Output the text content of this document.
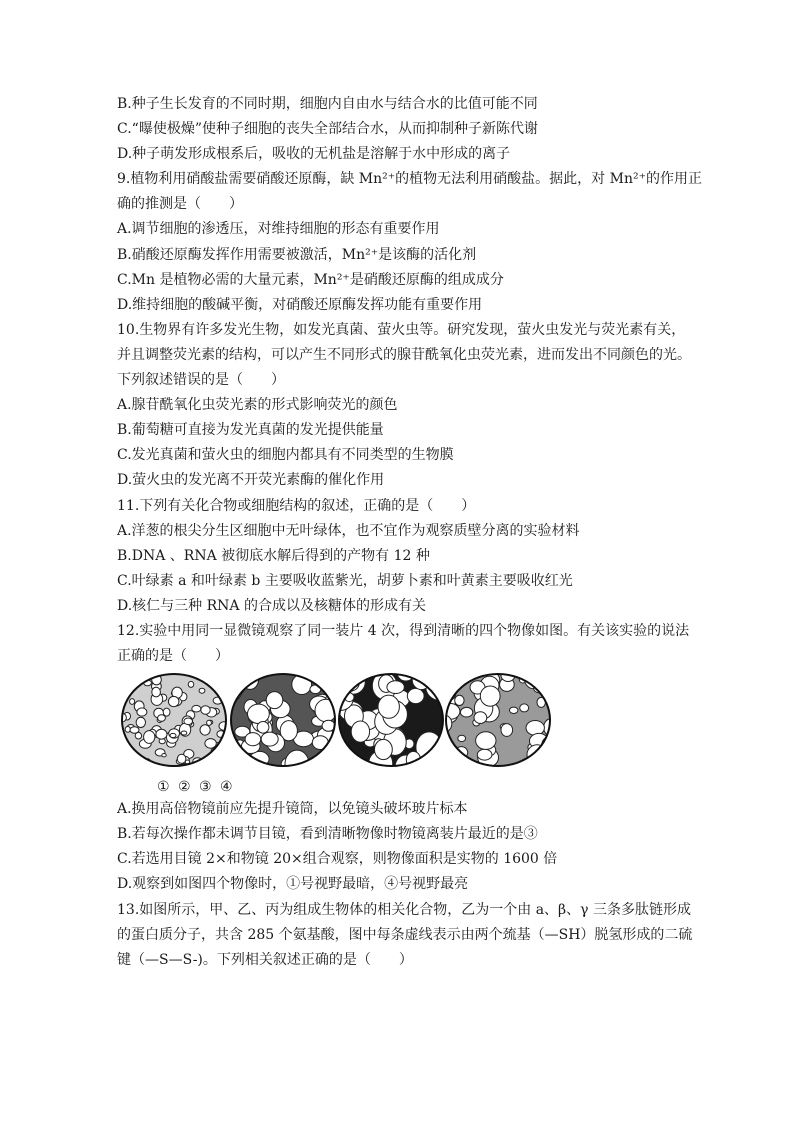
B.种子生长发育的不同时期，细胞内自由水与结合水的比值可能不同
C.“曝使极燥”使种子细胞的丧失全部结合水，从而抑制种子新陈代谢
D.种子萌发形成根系后，吸收的无机盐是溶解于水中形成的离子
9.植物利用硝酸盐需要硝酸还原酶，缺 Mn²⁺的植物无法利用硝酸盐。据此，对 Mn²⁺的作用正
确的推测是（　　）
A.调节细胞的渗透压，对维持细胞的形态有重要作用
B.硝酸还原酶发挥作用需要被激活，Mn²⁺是该酶的活化剂
C.Mn 是植物必需的大量元素，Mn²⁺是硝酸还原酶的组成成分
D.维持细胞的酸碱平衡，对硝酸还原酶发挥功能有重要作用
10.生物界有许多发光生物，如发光真菌、萤火虫等。研究发现，萤火虫发光与荧光素有关，
并且调整荧光素的结构，可以产生不同形式的腺苷酰氧化虫荧光素，进而发出不同颜色的光。
下列叙述错误的是（　　）
A.腺苷酰氧化虫荧光素的形式影响荧光的颜色
B.葡萄糖可直接为发光真菌的发光提供能量
C.发光真菌和萤火虫的细胞内都具有不同类型的生物膜
D.萤火虫的发光离不开荧光素酶的催化作用
11.下列有关化合物或细胞结构的叙述，正确的是（　　）
A.洋葱的根尖分生区细胞中无叶绿体，也不宜作为观察质壁分离的实验材料
B.DNA 、RNA 被彻底水解后得到的产物有 12 种
C.叶绿素 a 和叶绿素 b 主要吸收蓝紫光，胡萝卜素和叶黄素主要吸收红光
D.核仁与三种 RNA 的合成以及核糖体的形成有关
12.实验中用同一显微镜观察了同一装片 4 次，得到清晰的四个物像如图。有关该实验的说法
正确的是（　　）
① ② ③ ④
A.换用高倍物镜前应先提升镜筒，以免镜头破坏玻片标本
B.若每次操作都未调节目镜，看到清晰物像时物镜离装片最近的是③
C.若选用目镜 2×和物镜 20×组合观察，则物像面积是实物的 1600 倍
D.观察到如图四个物像时，①号视野最暗，④号视野最亮
13.如图所示，甲、乙、丙为组成生物体的相关化合物，乙为一个由 a、β、γ 三条多肽链形成
的蛋白质分子，共含 285 个氨基酸，图中每条虚线表示由两个巯基（—SH）脱氢形成的二硫
键（—S—S-)。下列相关叙述正确的是（　　）
